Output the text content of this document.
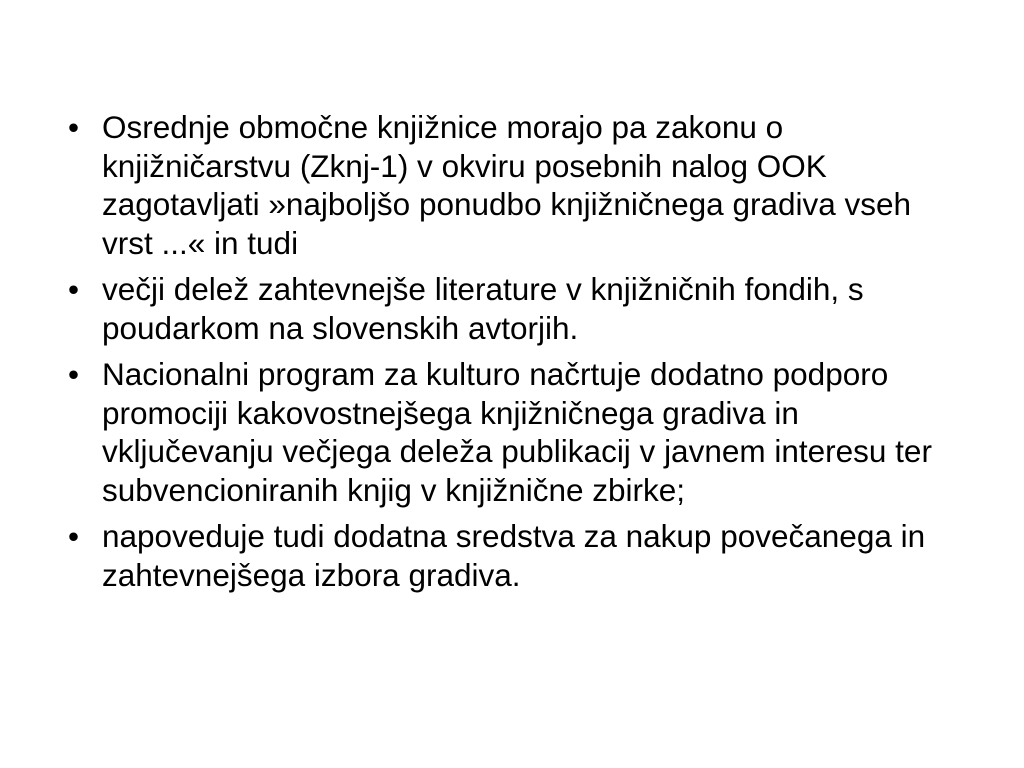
• Osrednje območne knjižnice morajo pa zakonu o knjižničarstvu (Zknj-1) v okviru posebnih nalog OOK zagotavljati »najboljšo ponudbo knjižničnega gradiva vseh vrst ...« in tudi
• večji delež zahtevnejše literature v knjižničnih fondih, s poudarkom na slovenskih avtorjih.
• Nacionalni program za kulturo načrtuje dodatno podporo promociji kakovostnejšega knjižničnega gradiva in vključevanju večjega deleža publikacij v javnem interesu ter subvencioniranih knjig v knjižnične zbirke;
• napoveduje tudi dodatna sredstva za nakup povečanega in zahtevnejšega izbora gradiva.
